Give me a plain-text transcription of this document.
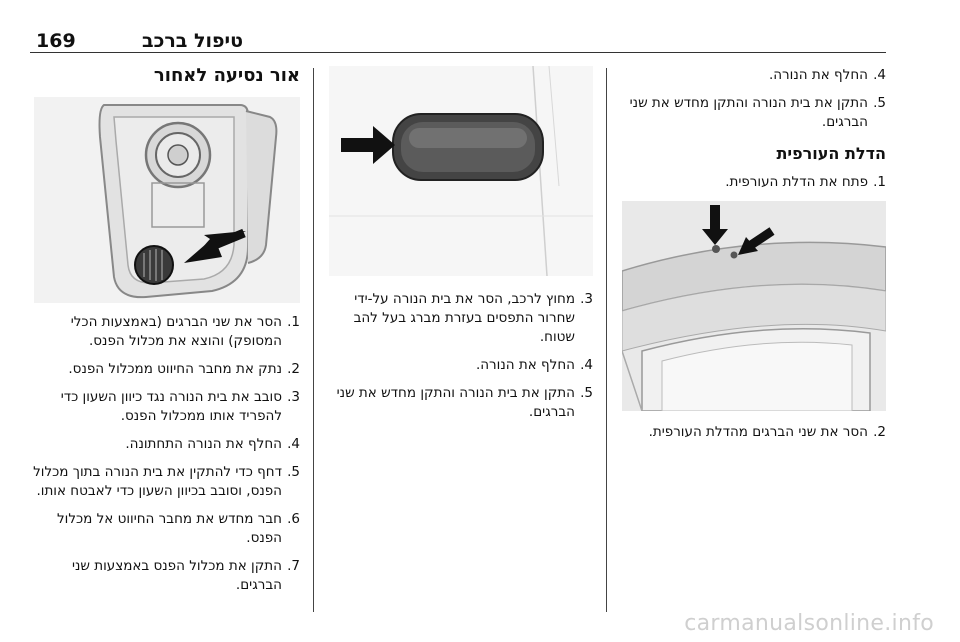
169	טיפול ברכב
אור נסיעה לאחור
1.
הסר את שני הברגים (באמצעות הכלי המסופק) והוצא את מכלול הפנס.
2.
נתק את מחבר החיווט ממכלול הפנס.
3.
סובב את בית הנורה נגד כיוון השעון כדי להפריד אותו ממכלול הפנס.
4.
החלף את הנורה התחתונה.
5.
דחף כדי להתקין את בית הנורה בתוך מכלול הפנס, וסובב בכיוון השעון כדי לאבטח אותו.
6.
חבר מחדש את מחבר החיווט אל מכלול הפנס.
7.
התקן את מכלול הפנס באמצעות שני הברגים.
3.
מחוץ לרכב, הסר את בית הנורה על-ידי שחרור התפסים בעזרת מברג בעל להב שטוח.
4.
החלף את הנורה.
5.
התקן את בית הנורה והתקן מחדש את שני הברגים.
4.
החלף את הנורה.
5.
התקן את בית הנורה והתקן מחדש את שני הברגים.
הדלת העורפית
1.
פתח את הדלת העורפית.
2.
הסר את שני הברגים מהדלת העורפית.
carmanualsonline.info
